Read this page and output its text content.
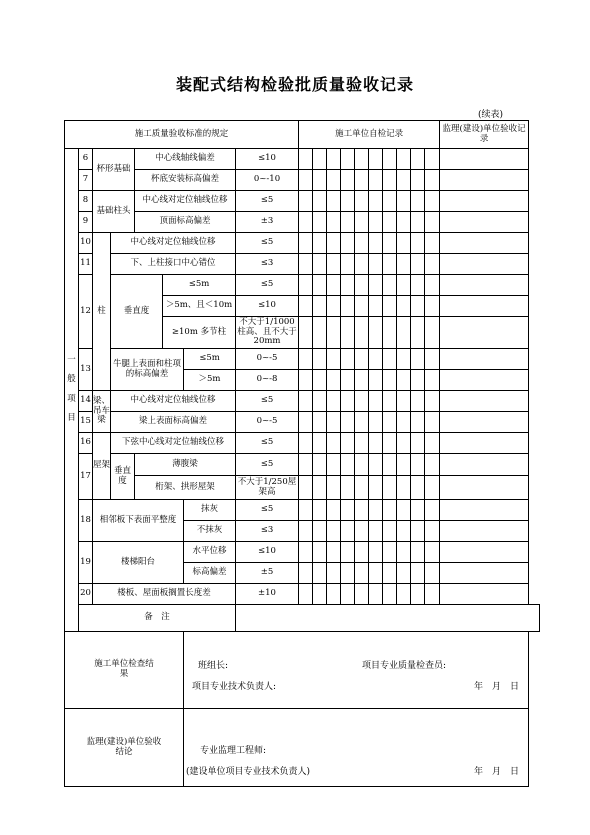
装配式结构检验批质量验收记录
(续表)
施工质量验收标准的规定								施工单位自检记录										监理(建设)单位验收记录
一

般

项

目	6	杯形基础		中心线轴线偏差			≤10											
	7			杯底安装标高偏差			0~-10											
	8	基础柱头		中心线对定位轴线位移			≤5											
	9			顶面标高偏差			±3											
	10	柱	中心线对定位轴线位移				≤5											
	11		下、上柱接口中心错位				≤3											
	12		垂直度		≤5m		≤5											
					＞5m、且＜10m		≤10											
					≥10m 多节柱		不大于1/1000柱高、且不大于20mm											
	13		牛腿上表面和柱项的标高偏差			≤5m	0~-5											
						＞5m	0~-8											
	14	梁、吊车梁	中心线对定位轴线位移				≤5											
	15		梁上表面标高偏差				0~-5											
	16	屋架	下弦中心线对定位轴线位移				≤5											
	17		垂直度	薄腹梁			≤5											
				桁架、拱形屋架			不大于1/250屋架高											
	18	相邻板下表面平整度				抹灰	≤5											
						不抹灰	≤3											
	19	楼梯阳台				水平位移	≤10											
						标高偏差	±5											
	20	楼板、屋面板搁置长度差					±10											
	备　注																	
施工单位检查结果						班组长: 项目专业质量检查员:
项目专业技术负责人: 年　月　日												

监理(建设)单位验收结论						专业监理工程师:
(建设单位项目专业技术负责人) 年　月　日												
